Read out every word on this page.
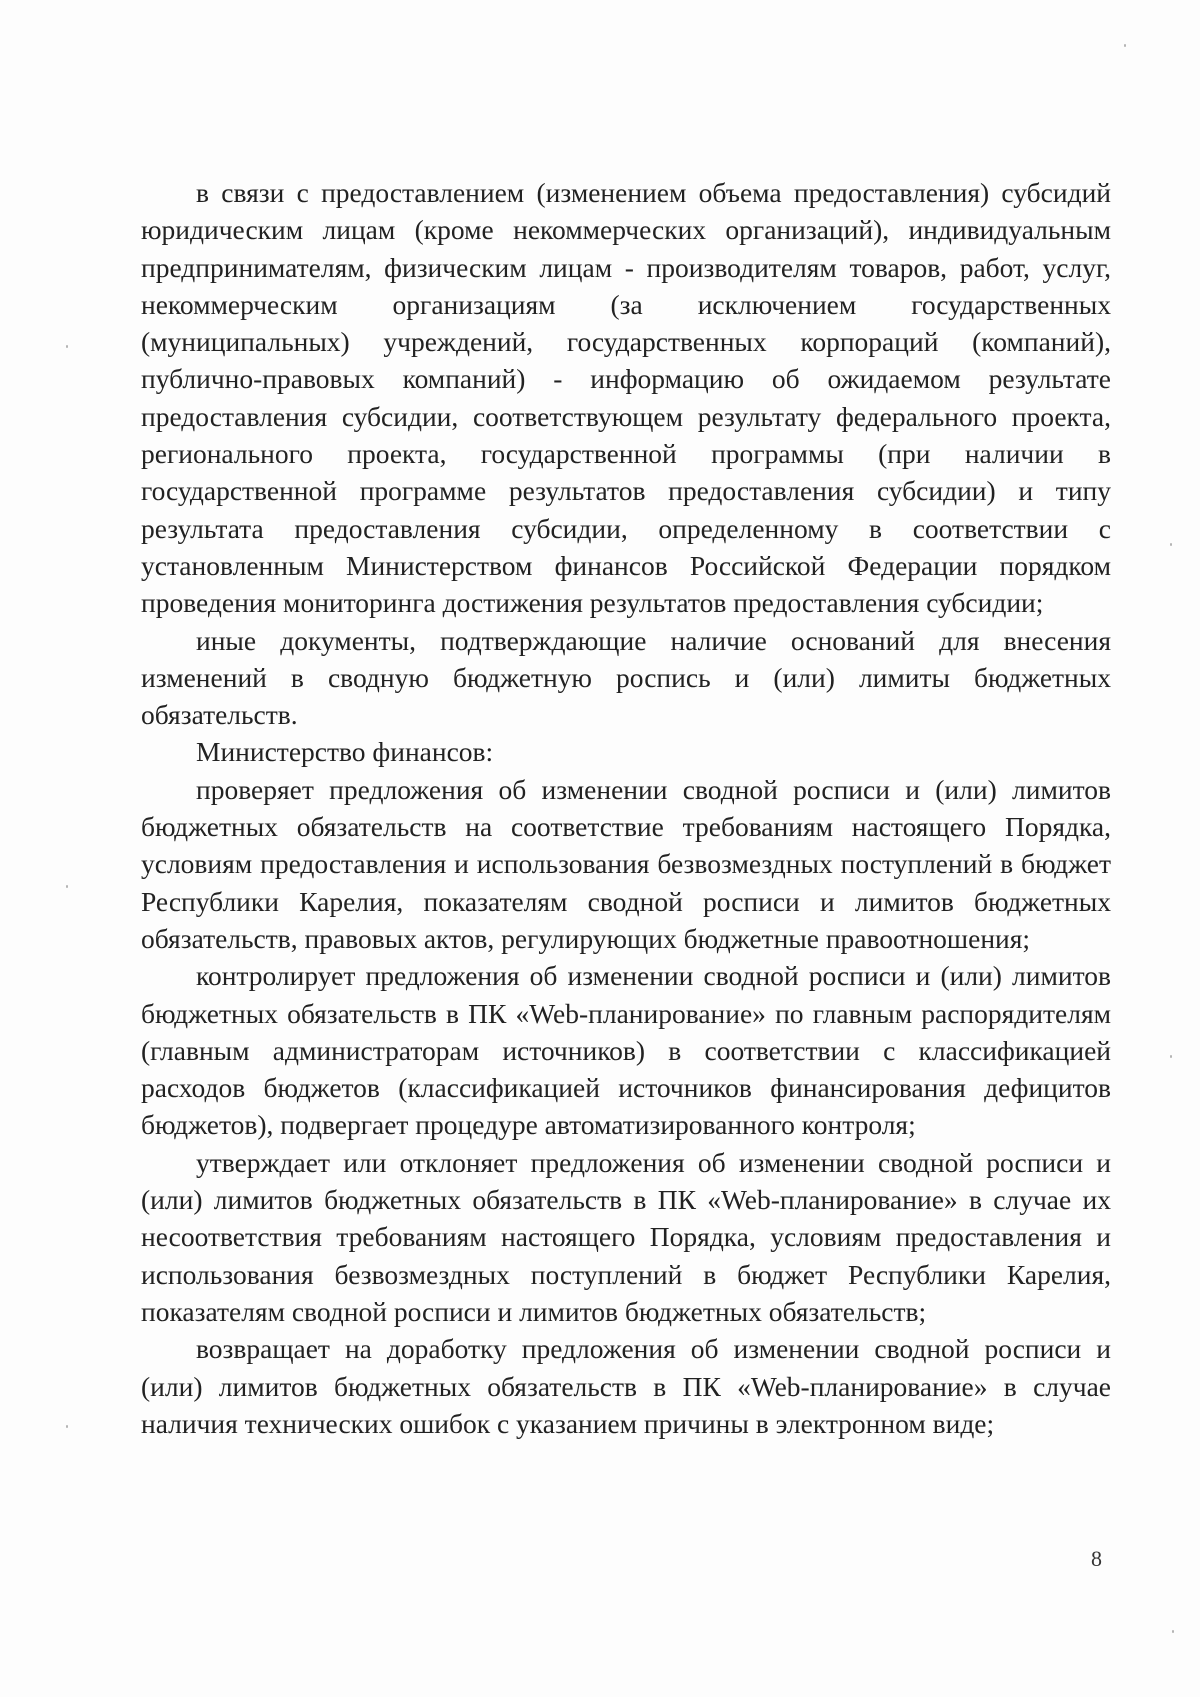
в связи с предоставлением (изменением объема предоставления) субсидий юридическим лицам (кроме некоммерческих организаций), индивидуальным предпринимателям, физическим лицам - производителям товаров, работ, услуг, некоммерческим организациям (за исключением государственных (муниципальных) учреждений, государственных корпораций (компаний), публично-правовых компаний) - информацию об ожидаемом результате предоставления субсидии, соответствующем результату федерального проекта, регионального проекта, государственной программы (при наличии в государственной программе результатов предоставления субсидии) и типу результата предоставления субсидии, определенному в соответствии с установленным Министерством финансов Российской Федерации порядком проведения мониторинга достижения результатов предоставления субсидии;

иные документы, подтверждающие наличие оснований для внесения изменений в сводную бюджетную роспись и (или) лимиты бюджетных обязательств.

Министерство финансов:

проверяет предложения об изменении сводной росписи и (или) лимитов бюджетных обязательств на соответствие требованиям настоящего Порядка, условиям предоставления и использования безвозмездных поступлений в бюджет Республики Карелия, показателям сводной росписи и лимитов бюджетных обязательств, правовых актов, регулирующих бюджетные правоотношения;

контролирует предложения об изменении сводной росписи и (или) лимитов бюджетных обязательств в ПК «Web-планирование» по главным распорядителям (главным администраторам источников) в соответствии с классификацией расходов бюджетов (классификацией источников финансирования дефицитов бюджетов), подвергает процедуре автоматизированного контроля;

утверждает или отклоняет предложения об изменении сводной росписи и (или) лимитов бюджетных обязательств в ПК «Web-планирование» в случае их несоответствия требованиям настоящего Порядка, условиям предоставления и использования безвозмездных поступлений в бюджет Республики Карелия, показателям сводной росписи и лимитов бюджетных обязательств;

возвращает на доработку предложения об изменении сводной росписи и (или) лимитов бюджетных обязательств в ПК «Web-планирование» в случае наличия технических ошибок с указанием причины в электронном виде;

8
